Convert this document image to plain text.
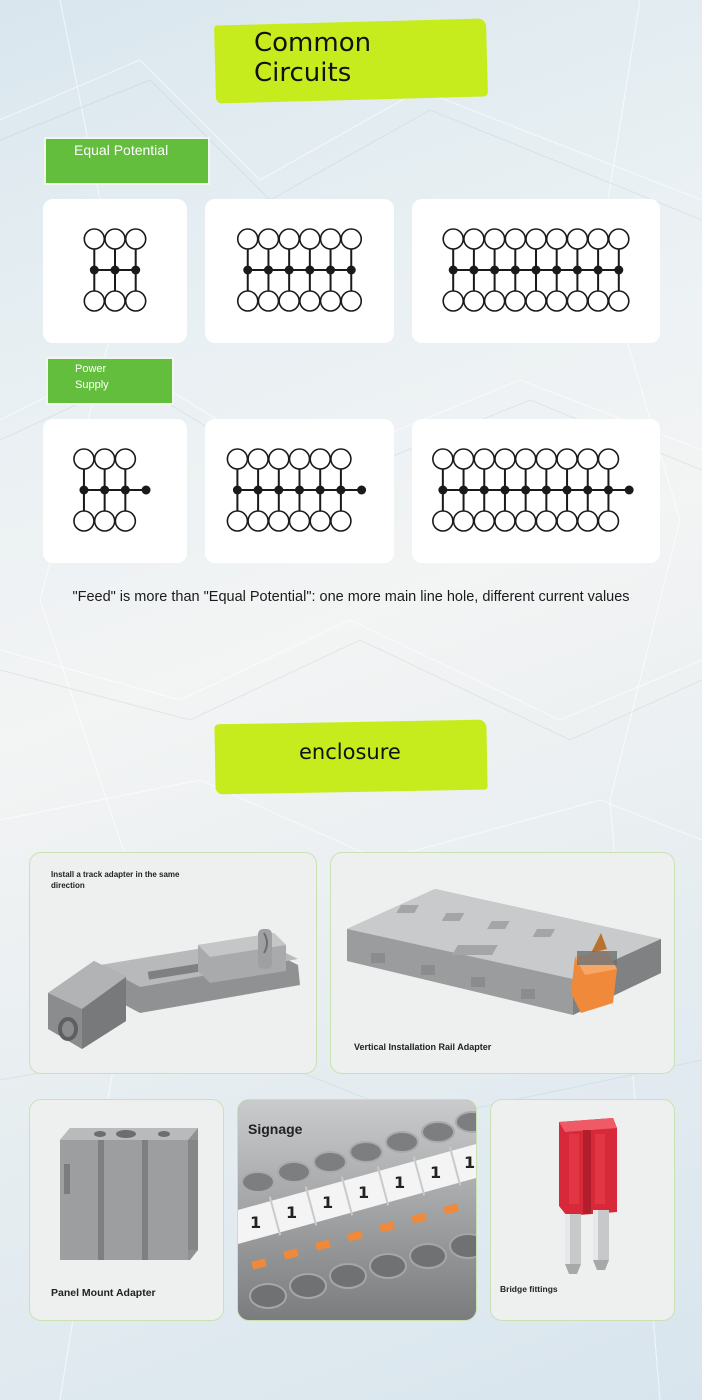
Common
Circuits
Equal Potential
Power
Supply
"Feed" is more than "Equal Potential": one more main line hole, different current values
enclosure
Install a track adapter in the same
direction
Vertical Installation Rail Adapter
Panel Mount Adapter
1
1
1
1
1
1
1
Signage
Bridge fittings
